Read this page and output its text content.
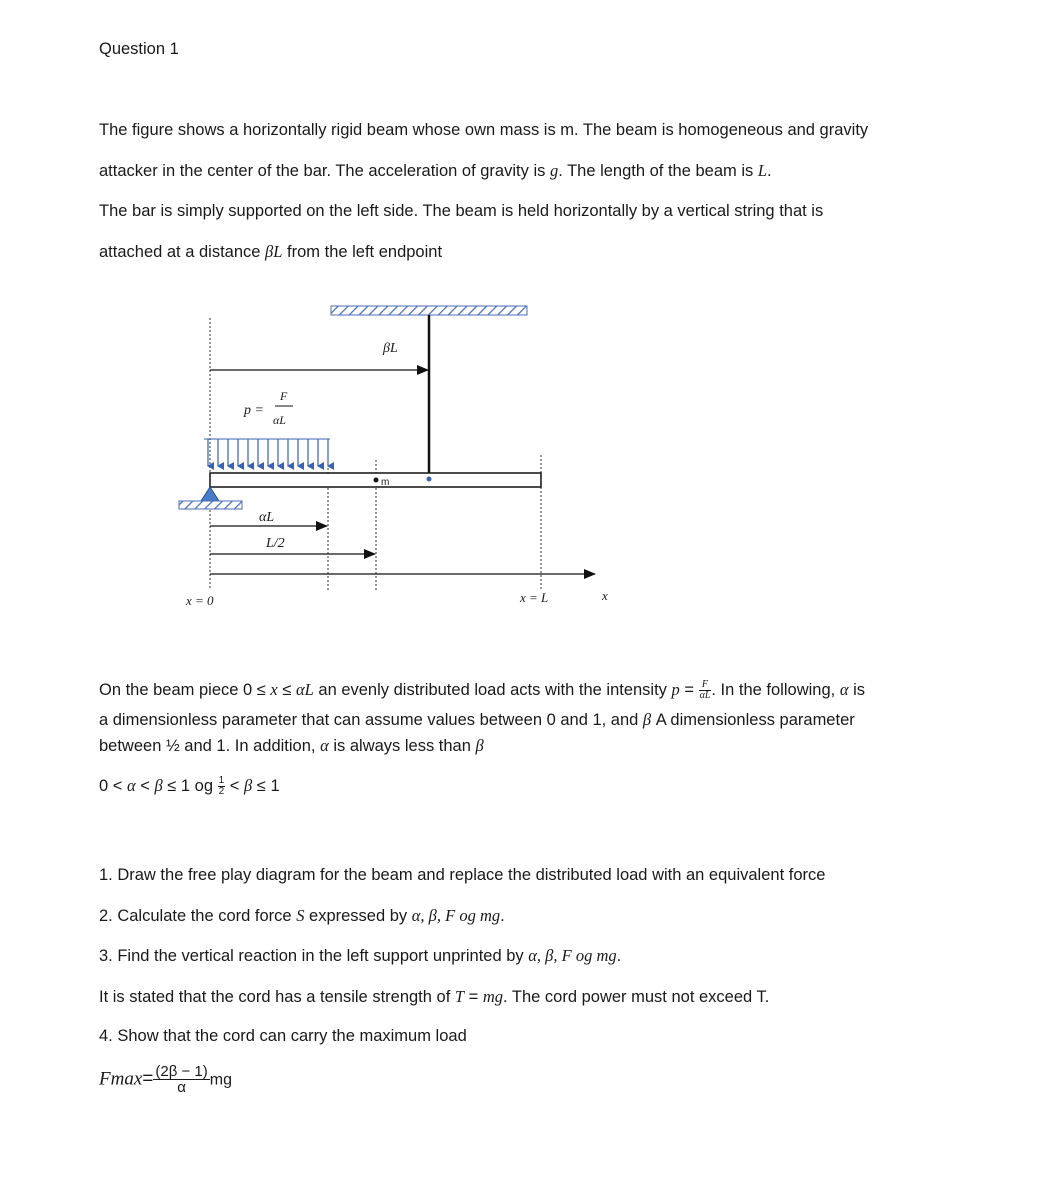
Question 1
The figure shows a horizontally rigid beam whose own mass is m. The beam is homogeneous and gravity
attacker in the center of the bar. The acceleration of gravity is g. The length of the beam is L.
The bar is simply supported on the left side. The beam is held horizontally by a vertical string that is
attached at a distance βL from the left endpoint
βL
p =
F
αL
m
αL
L/2
x = 0	x = L	x
On the beam piece 0 ≤ x ≤ αL an evenly distributed load acts with the intensity $p = \frac{F}{\alpha L}$ . In the following, α is
a dimensionless parameter that can assume values between 0 and 1, and β A dimensionless parameter
between ½ and 1. In addition, α is always less than β
0 < α < β ≤ 1 og $\frac{1}{2} < \beta \le 1$
1. Draw the free play diagram for the beam and replace the distributed load with an equivalent force
2. Calculate the cord force S expressed by α, β, F og mg.
3. Find the vertical reaction in the left support unprinted by α, β, F og mg.
It is stated that the cord has a tensile strength of T = mg. The cord power must not exceed T.
4. Show that the cord can carry the maximum load
$Fmax= \frac{(2\beta - 1)}{\alpha}$ mg
